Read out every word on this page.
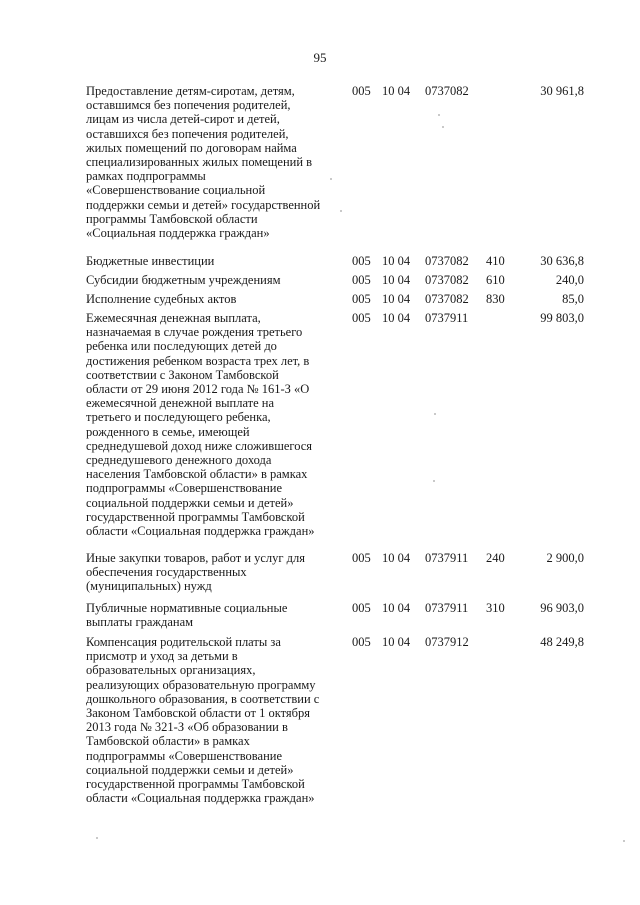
95
Предоставление детям-сиротам, детям,
оставшимся без попечения родителей,
лицам из числа детей-сирот и детей,
оставшихся без попечения родителей,
жилых помещений по договорам найма
специализированных жилых помещений в
рамках подпрограммы
«Совершенствование социальной
поддержки семьи и детей» государственной
программы Тамбовской области
«Социальная поддержка граждан»
005 10 04 0737082	30 961,8
Бюджетные инвестиции	005 10 04 0737082 410	30 636,8
Субсидии бюджетным учреждениям	005 10 04 0737082 610	240,0
Исполнение судебных актов	005 10 04 0737082 830	85,0
Ежемесячная денежная выплата,
назначаемая в случае рождения третьего
ребенка или последующих детей до
достижения ребенком возраста трех лет, в
соответствии с Законом Тамбовской
области от 29 июня 2012 года № 161-З «О
ежемесячной денежной выплате на
третьего и последующего ребенка,
рожденного в семье, имеющей
среднедушевой доход ниже сложившегося
среднедушевого денежного дохода
населения Тамбовской области» в рамках
подпрограммы «Совершенствование
социальной поддержки семьи и детей»
государственной программы Тамбовской
области «Социальная поддержка граждан»
005 10 04 0737911	99 803,0
Иные закупки товаров, работ и услуг для
обеспечения государственных
(муниципальных) нужд
005 10 04 0737911 240	2 900,0
Публичные нормативные социальные
выплаты гражданам
005 10 04 0737911 310	96 903,0
Компенсация родительской платы за
присмотр и уход за детьми в
образовательных организациях,
реализующих образовательную программу
дошкольного образования, в соответствии с
Законом Тамбовской области от 1 октября
2013 года № 321-З «Об образовании в
Тамбовской области» в рамках
подпрограммы «Совершенствование
социальной поддержки семьи и детей»
государственной программы Тамбовской
области «Социальная поддержка граждан»
005 10 04 0737912	48 249,8
